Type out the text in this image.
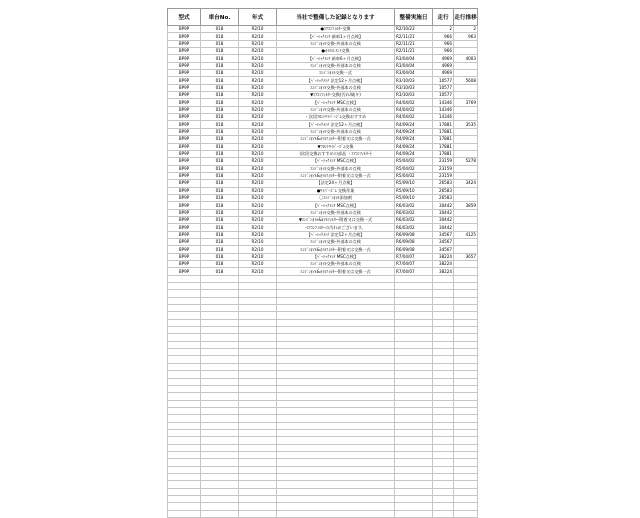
型式	車台No.	年式	当社で整備した記録となります	整備実施日	走行	走行推移
BP9P	018	R2/10	●ｴｱｺﾝﾌｨﾙﾀｰ交換	R2/10/23	2	2
BP9P	018	R2/10	【ﾍﾞｰｼｯｸﾒﾝﾃ 新車1ヶ月点検】	R2/11/21	966	963
BP9P	018	R2/10	ｴﾝｼﾞﾝｵｲﾙ交換-外部本の点検	R2/11/21	966	
BP9P	018	R2/10	●ｵｲﾙｴﾚﾒﾝﾄ交換	R2/11/21	966	
BP9P	018	R2/10	【ﾍﾞｰｼｯｸﾒﾝﾃ 新車6ヶ月点検】	R3/04/04	4969	4003
BP9P	018	R2/10	ｴﾝｼﾞﾝｵｲﾙ交換-外部本の点検	R3/04/04	4969	
BP9P	018	R2/10	ｴﾝｼﾞﾝｵｲﾙ交換一式	R3/04/04	4969	
BP9P	018	R2/10	【ﾍﾞｰｼｯｸﾒﾝﾃ 法定12ヶ月点検】	R3/10/03	10577	5608
BP9P	018	R2/10	ｴﾝｼﾞﾝｵｲﾙ交換-外部本の点検	R3/10/03	10577	
BP9P	018	R2/10	▼ｴｱｺﾝﾌｨﾙﾀｰ交換(汚れ/破キ)	R3/10/03	10577	
BP9P	018	R2/10	【ﾍﾞｰｼｯｸﾒﾝﾃ MSC点検】	R4/04/02	14346	3769
BP9P	018	R2/10	ｴﾝｼﾞﾝｵｲﾙ交換-外部本の点検	R4/04/02	14346	
BP9P	018	R2/10	・次回ﾌﾛﾝﾄﾜｲﾊﾟｰｺﾞﾑ交換おすすめ	R4/04/02	14346	
BP9P	018	R2/10	【ﾍﾞｰｼｯｸﾒﾝﾃ 法定12ヶ月点検】	R4/09/24	17881	3535
BP9P	018	R2/10	ｴﾝｼﾞﾝｵｲﾙ交換-外部本の点検	R4/09/24	17881	
BP9P	018	R2/10	ｴﾝｼﾞﾝｵｲﾙ&ｵｲﾙﾌｨﾙﾀｰ-附着又は交換一式	R4/09/24	17881	
BP9P	018	R2/10	▼ﾌﾛﾝﾄﾜｲﾊﾟｰｺﾞﾑ交換	R4/09/24	17881	
BP9P	018	R2/10	(次回交換おすすめの部品 ・ｴｱｺﾝﾌｨﾙﾀｰ)	R4/09/24	17881	
BP9P	018	R2/10	【ﾍﾞｰｼｯｸﾒﾝﾃ MSC点検】	R5/04/02	23159	5278
BP9P	018	R2/10	ｴﾝｼﾞﾝｵｲﾙ交換-外部本の点検	R5/04/02	23159	
BP9P	018	R2/10	ｴﾝｼﾞﾝｵｲﾙ&ｵｲﾙﾌｨﾙﾀｰ-附着又は交換一式	R5/04/02	23159	
BP9P	018	R2/10	【法定24ヶ月点検】	R5/09/10	26583	3424
BP9P	018	R2/10	●ﾜｲﾊﾟｰｺﾞﾑ 交換作業	R5/09/10	26583	
BP9P	018	R2/10	〇ｴﾝｼﾞﾝｵｲﾙ添加剤	R5/09/10	26583	
BP9P	018	R2/10	【ﾍﾞｰｼｯｸﾒﾝﾃ MSC点検】	R6/03/02	30442	3859
BP9P	018	R2/10	ｴﾝｼﾞﾝｵｲﾙ交換-外部本の点検	R6/03/02	30442	
BP9P	018	R2/10	▼ｴﾝｼﾞﾝｵｲﾙ&ｵｲﾙﾌｨﾙﾀｰ-附着又は交換一式	R6/03/02	30442	
BP9P	018	R2/10	-ｴｱｺﾝﾌｨﾙﾀｰの汚れがございます。	R6/03/02	30442	
BP9P	018	R2/10	【ﾍﾞｰｼｯｸﾒﾝﾃ 法定12ヶ月点検】	R6/09/08	34567	4125
BP9P	018	R2/10	ｴﾝｼﾞﾝｵｲﾙ交換-外部本の点検	R6/09/08	34567	
BP9P	018	R2/10	ｴﾝｼﾞﾝｵｲﾙ&ｵｲﾙﾌｨﾙﾀｰ-附着又は交換一式	R6/09/08	34567	
BP9P	018	R2/10	【ﾍﾞｰｼｯｸﾒﾝﾃ MSC点検】	R7/04/07	38224	3657
BP9P	018	R2/10	ｴﾝｼﾞﾝｵｲﾙ交換-外部本の点検	R7/04/07	38224	
BP9P	018	R2/10	ｴﾝｼﾞﾝｵｲﾙ&ｵｲﾙﾌｨﾙﾀｰ-附着又は交換一式	R7/04/07	38224	
